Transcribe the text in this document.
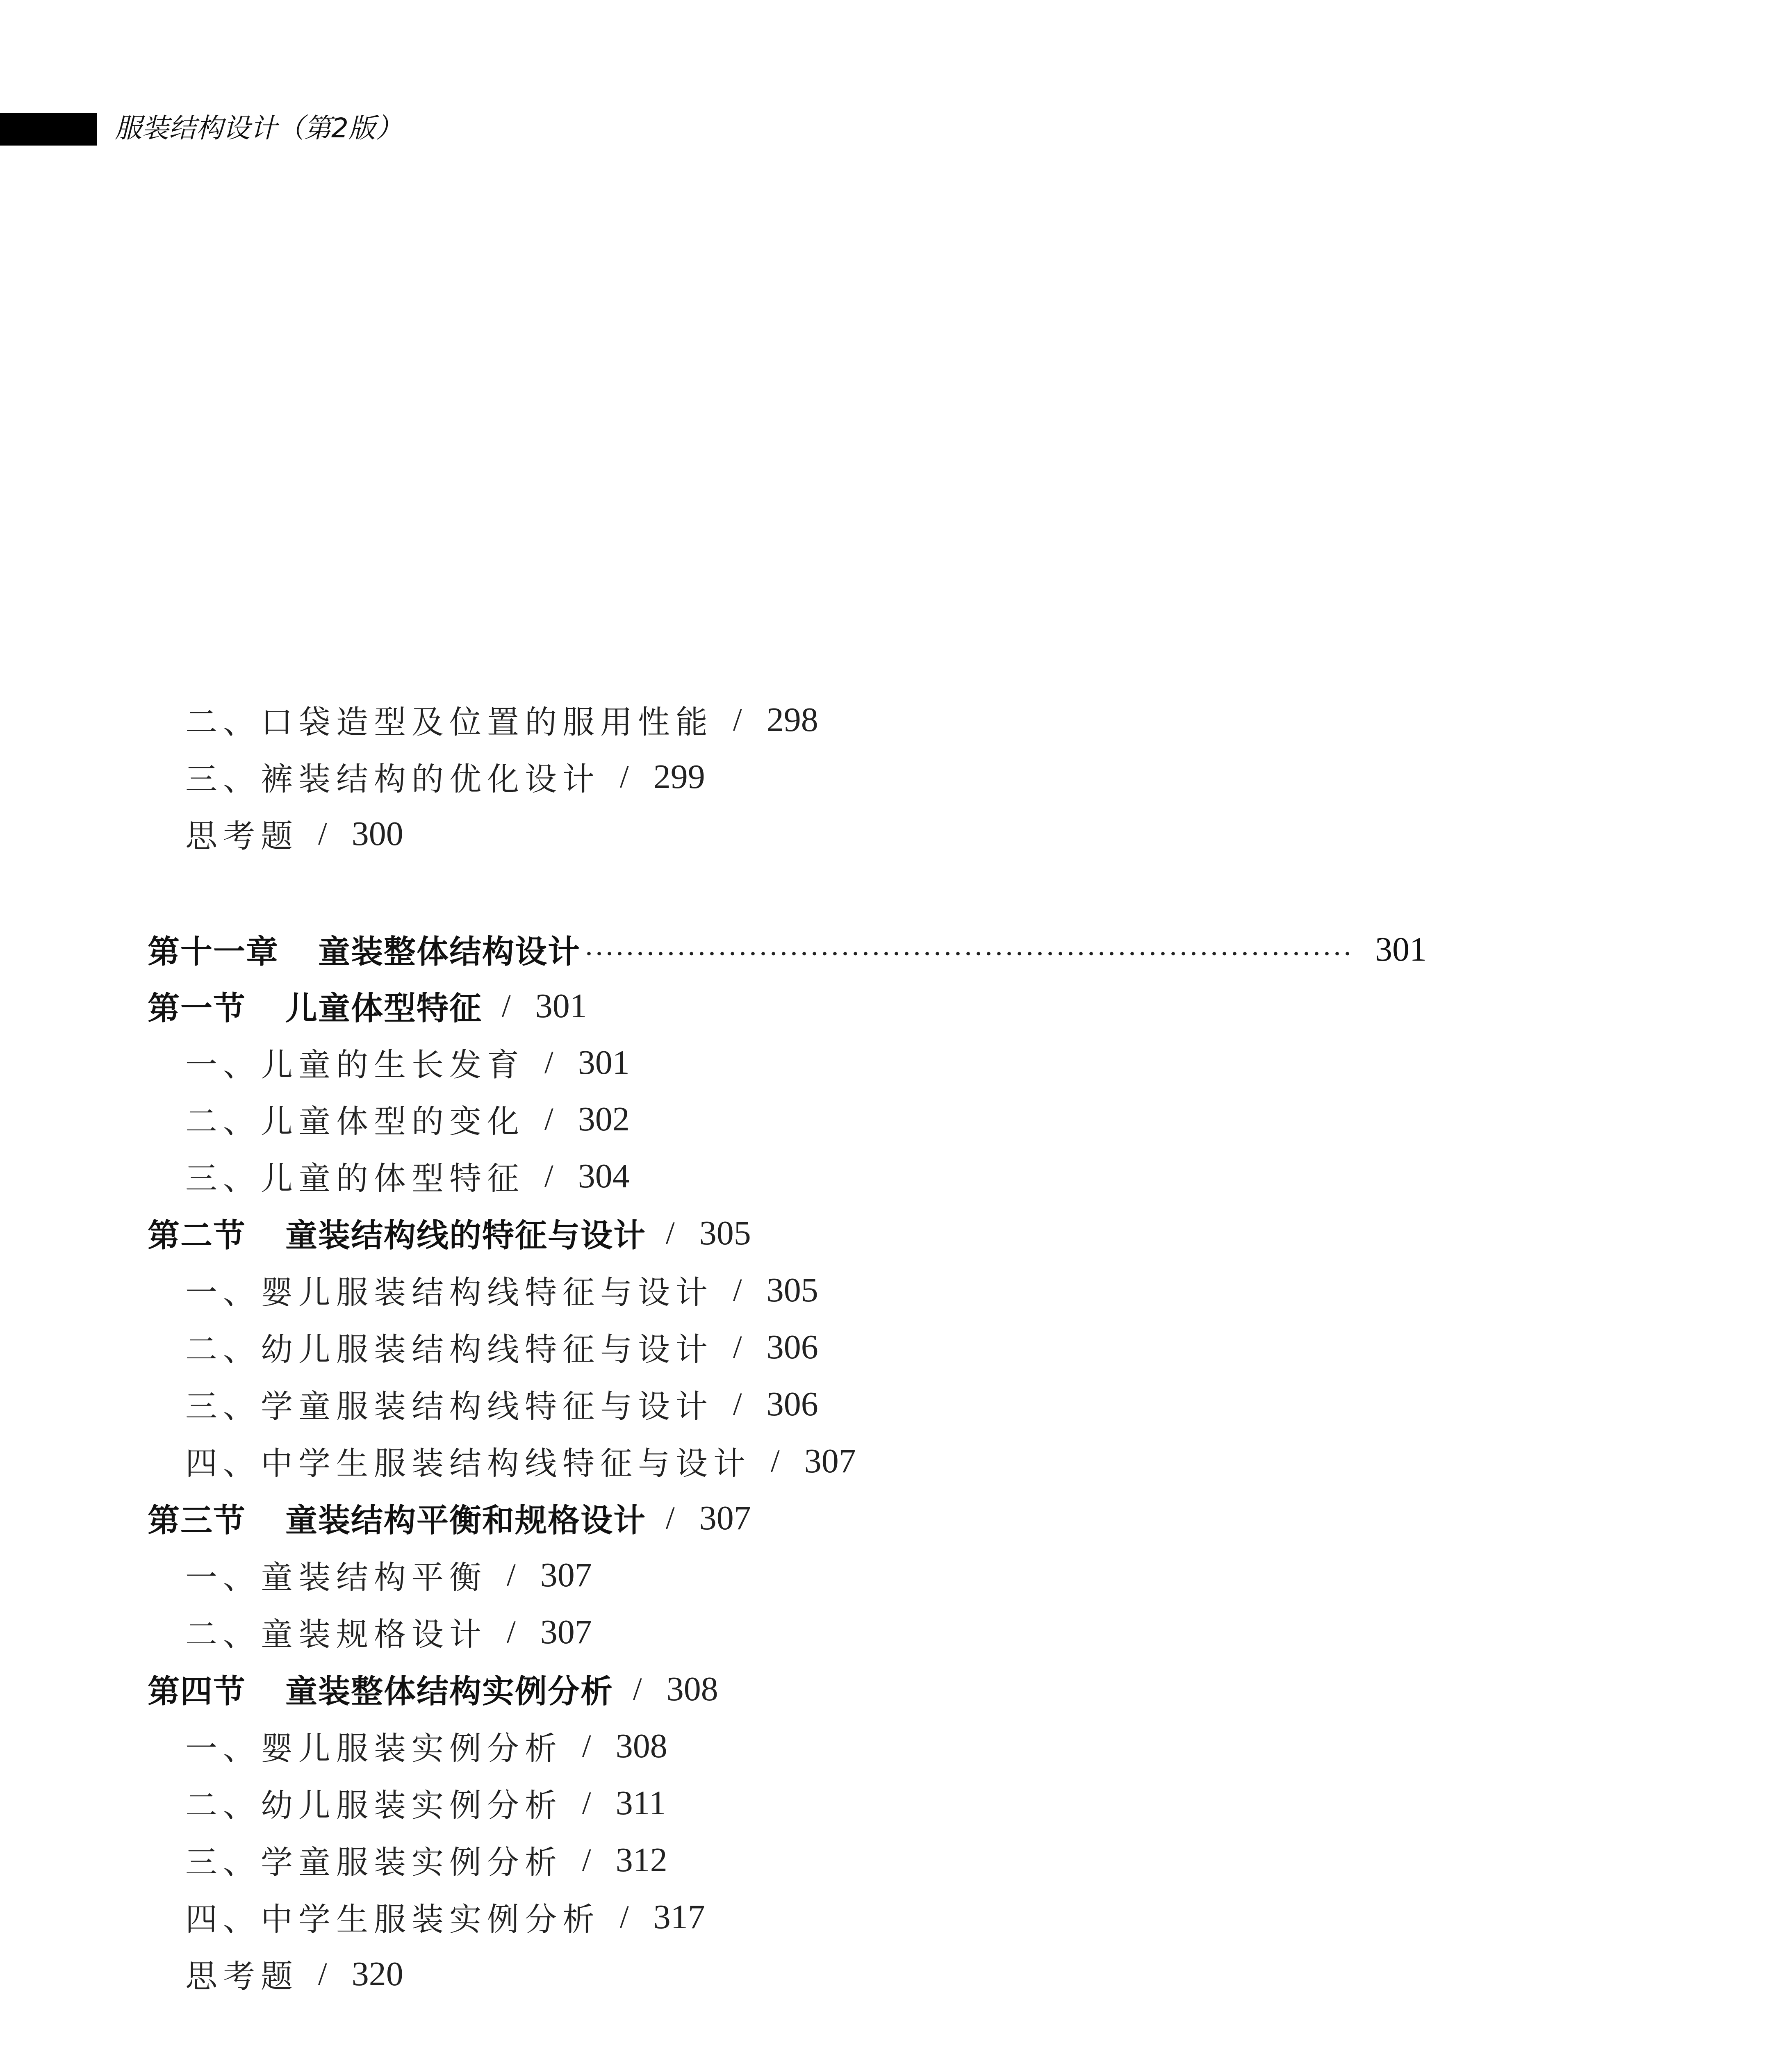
服装结构设计（第2版）
二、口袋造型及位置的服用性能 / 298
三、裤装结构的优化设计 / 299
思考题 / 300
第十一章 童装整体结构设计	301
第一节 儿童体型特征 / 301
一、儿童的生长发育 / 301
二、儿童体型的变化 / 302
三、儿童的体型特征 / 304
第二节 童装结构线的特征与设计 / 305
一、婴儿服装结构线特征与设计 / 305
二、幼儿服装结构线特征与设计 / 306
三、学童服装结构线特征与设计 / 306
四、中学生服装结构线特征与设计 / 307
第三节 童装结构平衡和规格设计 / 307
一、童装结构平衡 / 307
二、童装规格设计 / 307
第四节 童装整体结构实例分析 / 308
一、婴儿服装实例分析 / 308
二、幼儿服装实例分析 / 311
三、学童服装实例分析 / 312
四、中学生服装实例分析 / 317
思考题 / 320
